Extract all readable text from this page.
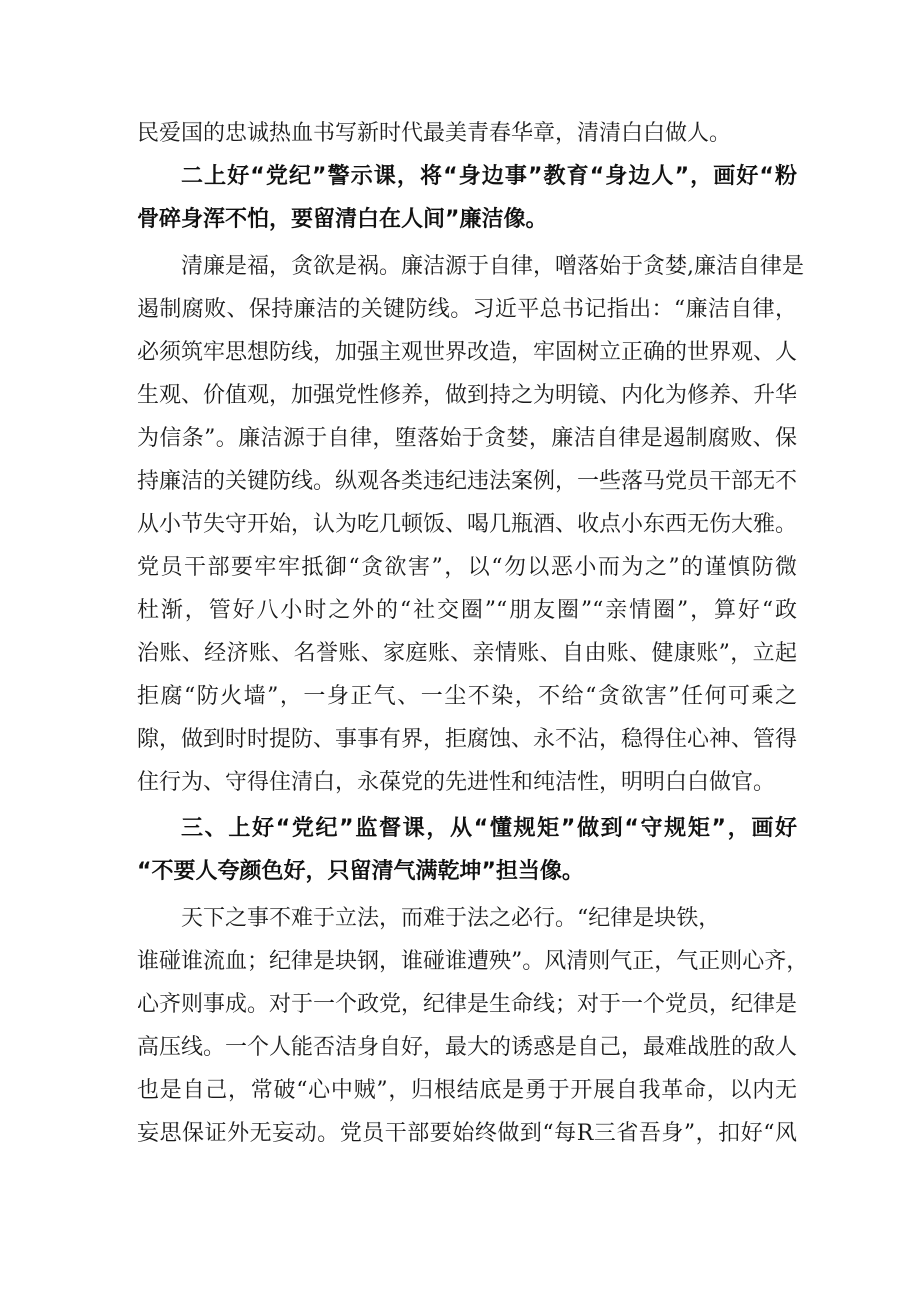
民爱国的忠诚热血书写新时代最美青春华章，清清白白做人。
二上好“党纪”警示课，将“身边事”教育“身边人”，画好“粉
骨碎身浑不怕，要留清白在人间”廉洁像。
清廉是福，贪欲是祸。廉洁源于自律，噌落始于贪婪,廉洁自律是
遏制腐败、保持廉洁的关键防线。习近平总书记指出：“廉洁自律，
必须筑牢思想防线，加强主观世界改造，牢固树立正确的世界观、人
生观、价值观，加强党性修养，做到持之为明镜、内化为修养、升华
为信条”。廉洁源于自律，堕落始于贪婪，廉洁自律是遏制腐败、保
持廉洁的关键防线。纵观各类违纪违法案例，一些落马党员干部无不
从小节失守开始，认为吃几顿饭、喝几瓶酒、收点小东西无伤大雅。
党员干部要牢牢抵御“贪欲害”，以“勿以恶小而为之”的谨慎防微
杜渐，管好八小时之外的“社交圈”“朋友圈”“亲情圈”，算好“政
治账、经济账、名誉账、家庭账、亲情账、自由账、健康账”，立起
拒腐“防火墙”，一身正气、一尘不染，不给“贪欲害”任何可乘之
隙，做到时时提防、事事有界，拒腐蚀、永不沾，稳得住心神、管得
住行为、守得住清白，永葆党的先进性和纯洁性，明明白白做官。
三、上好“党纪”监督课，从“懂规矩”做到“守规矩”，画好
“不要人夸颜色好，只留清气满乾坤”担当像。
天下之事不难于立法，而难于法之必行。“纪律是块铁，
谁碰谁流血；纪律是块钢，谁碰谁遭殃”。风清则气正，气正则心齐，
心齐则事成。对于一个政党，纪律是生命线；对于一个党员，纪律是
高压线。一个人能否洁身自好，最大的诱惑是自己，最难战胜的敌人
也是自己，常破“心中贼”，归根结底是勇于开展自我革命，以内无
妄思保证外无妄动。党员干部要始终做到“每R三省吾身”，扣好“风
